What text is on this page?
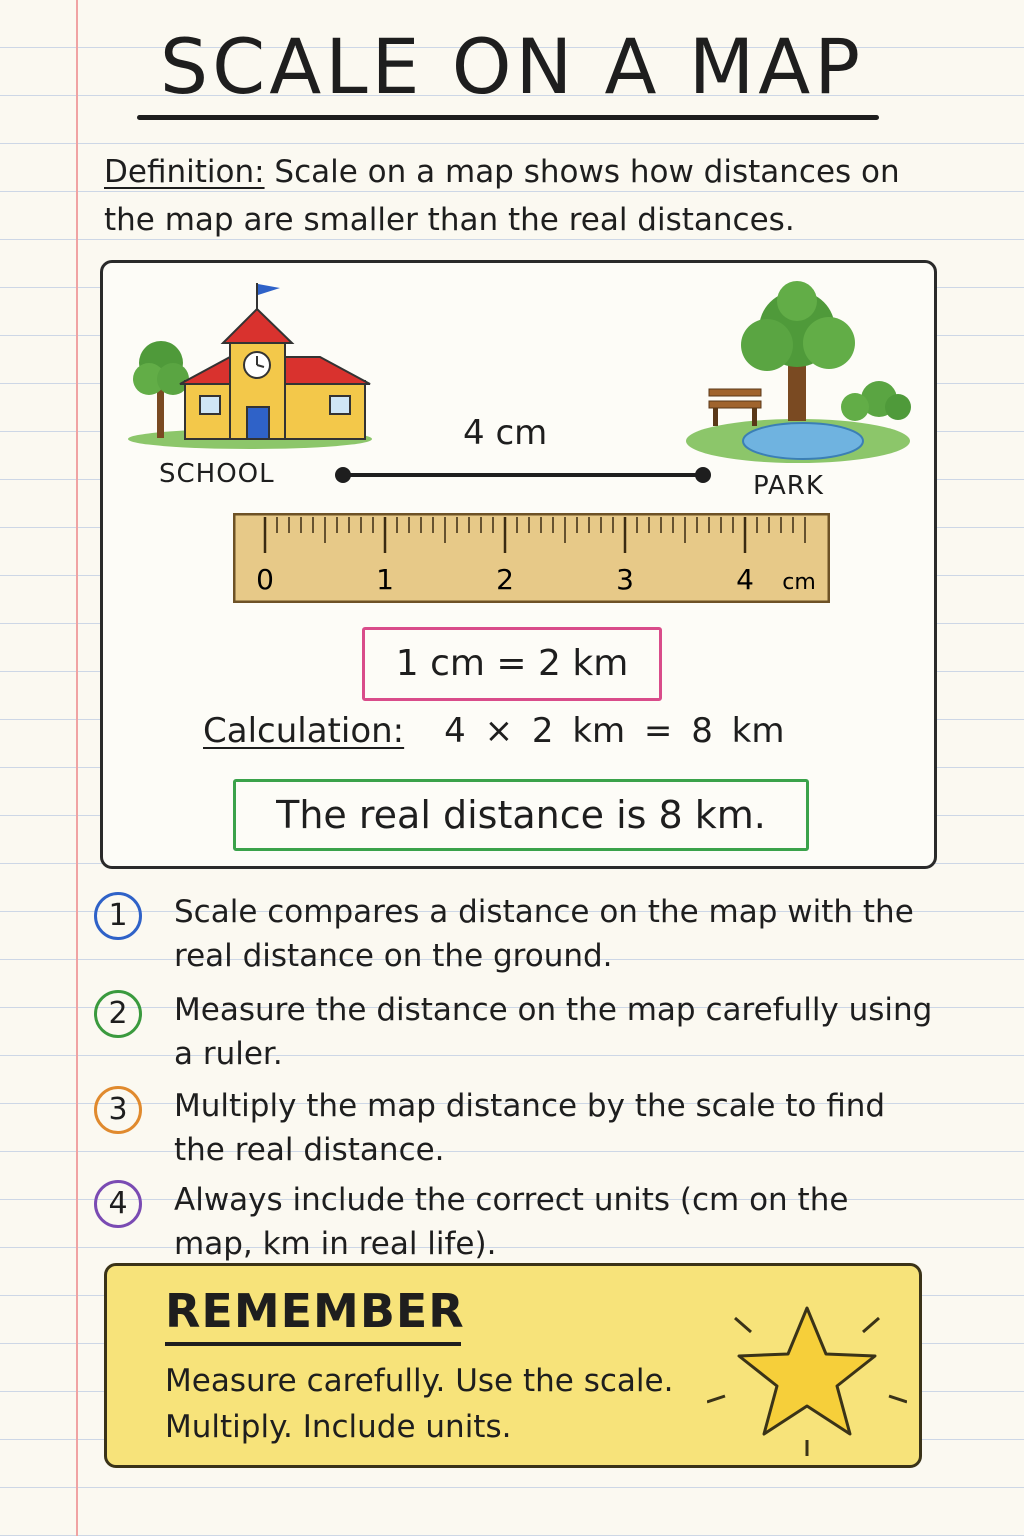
SCALE ON A MAP

Definition: Scale on a map shows how distances on the map are smaller than the real distances.

SCHOOL	PARK
4 cm
0	1	2	3	4 cm
1 cm = 2 km
Calculation: 4 × 2 km = 8 km
The real distance is 8 km.
1	Scale compares a distance on the map with the real distance on the ground.
2	Measure the distance on the map carefully using a ruler.
3	Multiply the map distance by the scale to find the real distance.
4	Always include the correct units (cm on the map, km in real life).
REMEMBER
Measure carefully. Use the scale. Multiply. Include units.
